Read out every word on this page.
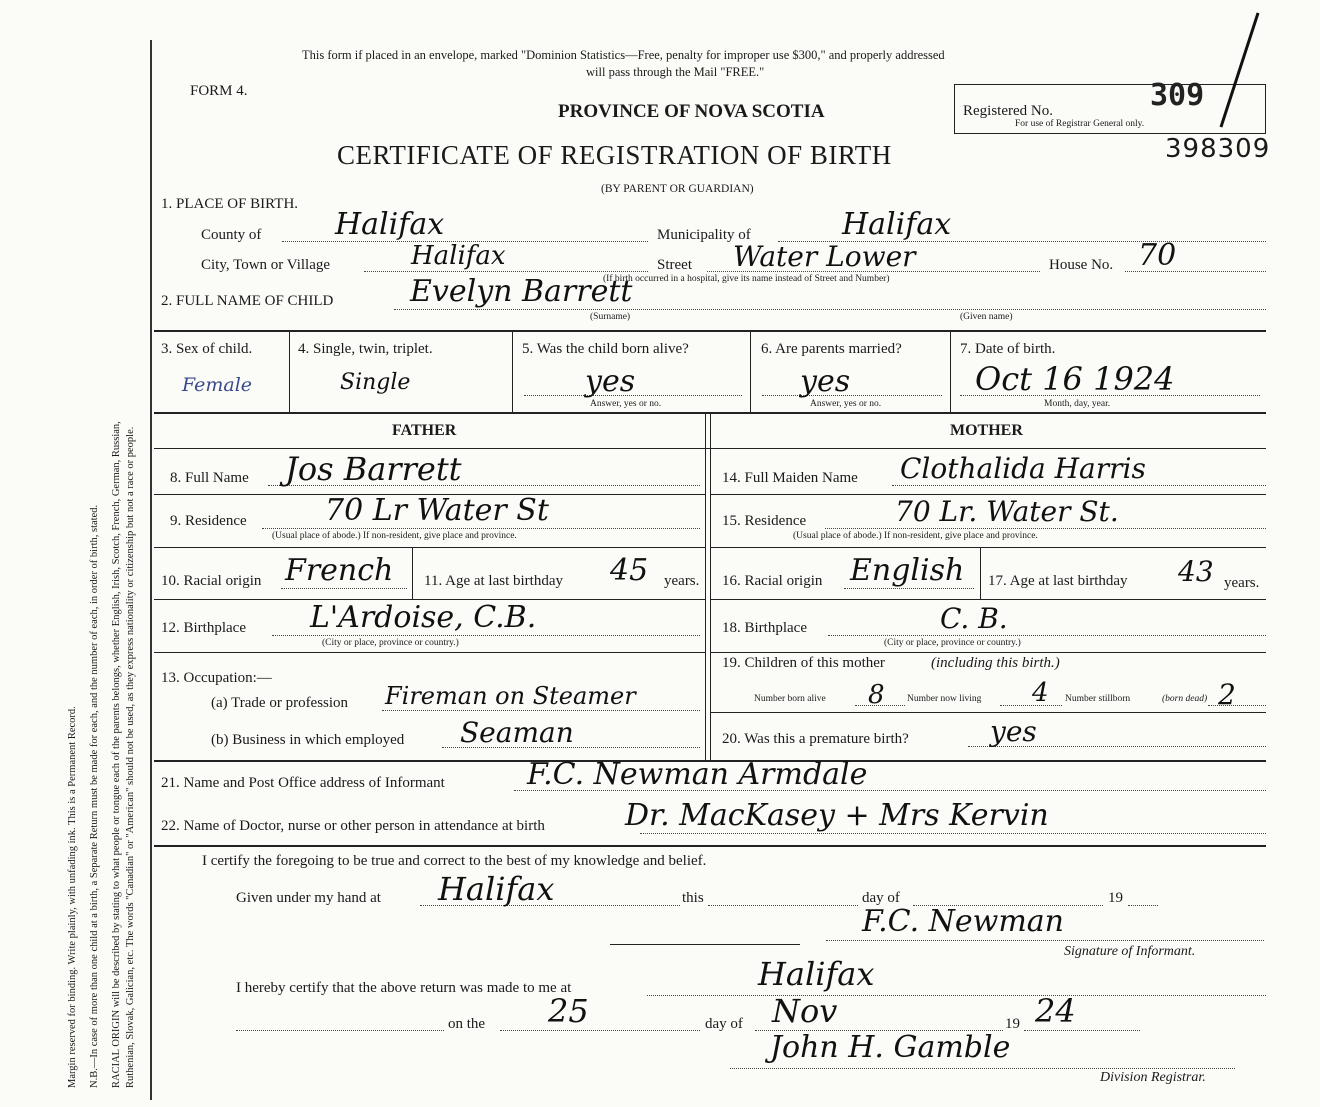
Margin reserved for binding. Write plainly, with unfading ink. This is a Permanent Record. N.B.—In case of more than one child at a birth, a Separate Return must be made for each, and the number of each, in order of birth, stated. RACIAL ORIGIN will be described by stating to what people or tongue each of the parents belongs, whether English, Irish, Scotch, French, German, Russian, Ruthenian, Slovak, Galician, etc. The words "Canadian" or "American" should not be used, as they express nationality or citizenship but not a race or people.
This form if placed in an envelope, marked "Dominion Statistics—Free, penalty for improper use $300," and properly addressed
will pass through the Mail "FREE."
FORM 4.
PROVINCE OF NOVA SCOTIA
CERTIFICATE OF REGISTRATION OF BIRTH
(BY PARENT OR GUARDIAN)
Registered No.	309
For use of Registrar General only.
398309
1. PLACE OF BIRTH.
County of Halifax	Municipality of	Halifax
City, Town or Village	Halifax	Street Water Lower	House No. 70
(If birth occurred in a hospital, give its name instead of Street and Number)
2. FULL NAME OF CHILD	Evelyn Barrett
(Surname)	(Given name)
3. Sex of child.
Female
4. Single, twin, triplet.
Single
5. Was the child born alive?
yes
Answer, yes or no.
6. Are parents married?
yes
Answer, yes or no.
7. Date of birth.
Oct 16 1924
Month, day, year.
FATHER	MOTHER
8. Full Name Jos Barrett
9. Residence	70 Lr Water St
(Usual place of abode.) If non-resident, give place and province.
10. Racial origin French 11. Age at last birthday 45 years.
12. Birthplace L'Ardoise, C.B.
(City or place, province or country.)
13. Occupation:—
(a) Trade or profession Fireman on Steamer
(b) Business in which employed Seaman
14. Full Maiden Name Clothalida Harris
15. Residence	70 Lr. Water St.
(Usual place of abode.) If non-resident, give place and province.
16. Racial origin English 17. Age at last birthday 43 years.
18. Birthplace	C. B.
(City or place, province or country.)
19. Children of this mother	(including this birth.)
Number born alive 8 Number now living 4 Number stillborn	(born dead) 2
20. Was this a premature birth?	yes
21. Name and Post Office address of Informant	F.C. Newman Armdale
22. Name of Doctor, nurse or other person in attendance at birth	Dr. MacKasey + Mrs Kervin
I certify the foregoing to be true and correct to the best of my knowledge and belief.
Given under my hand at Halifax	this	day of	19
F.C. Newman
Signature of Informant.
I hereby certify that the above return was made to me at	Halifax
on the 25	day of Nov	19 24
John H. Gamble
Division Registrar.
